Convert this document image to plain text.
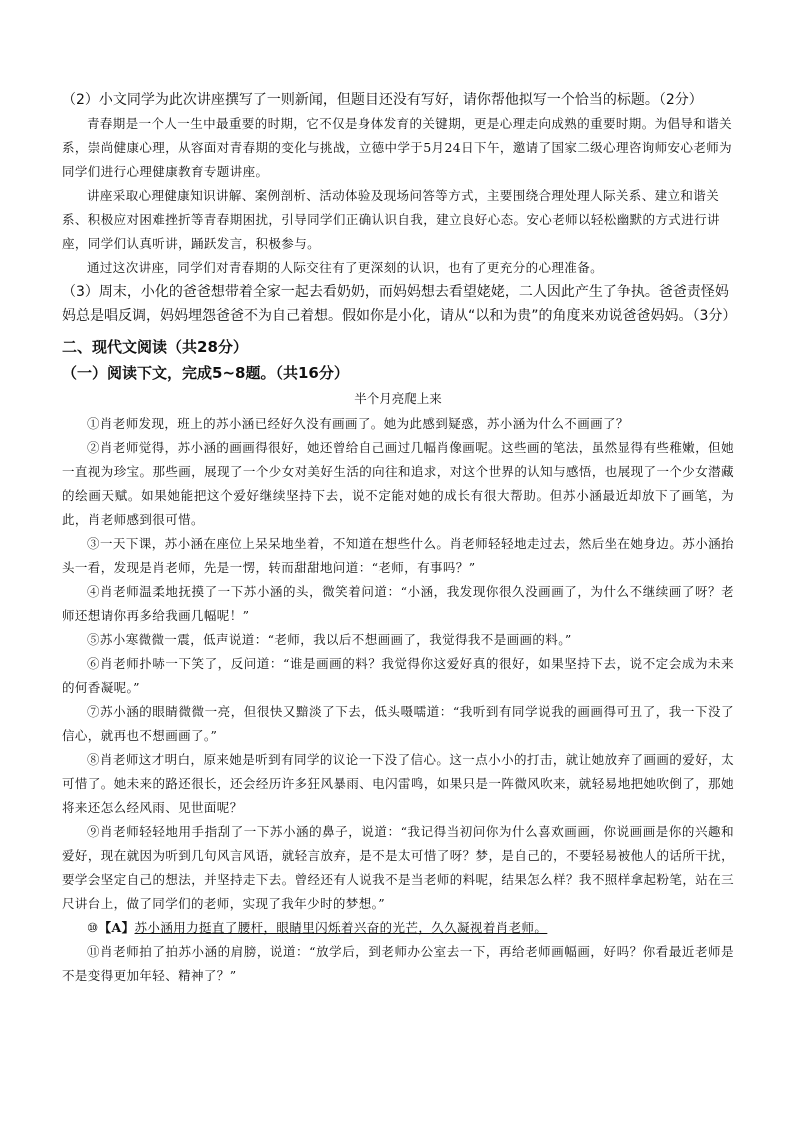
（2）小文同学为此次讲座撰写了一则新闻，但题目还没有写好，请你帮他拟写一个恰当的标题。（2分）

青春期是一个人一生中最重要的时期，它不仅是身体发育的关键期，更是心理走向成熟的重要时期。为倡导和谐关系，崇尚健康心理，从容面对青春期的变化与挑战，立德中学于5月24日下午，邀请了国家二级心理咨询师安心老师为同学们进行心理健康教育专题讲座。

讲座采取心理健康知识讲解、案例剖析、活动体验及现场问答等方式，主要围绕合理处理人际关系、建立和谐关系、积极应对困难挫折等青春期困扰，引导同学们正确认识自我，建立良好心态。安心老师以轻松幽默的方式进行讲座，同学们认真听讲，踊跃发言，积极参与。

通过这次讲座，同学们对青春期的人际交往有了更深刻的认识，也有了更充分的心理准备。

（3）周末，小化的爸爸想带着全家一起去看奶奶，而妈妈想去看望姥姥，二人因此产生了争执。爸爸责怪妈妈总是唱反调，妈妈埋怨爸爸不为自己着想。假如你是小化，请从“以和为贵”的角度来劝说爸爸妈妈。（3分）

二、现代文阅读（共28分）

（一）阅读下文，完成5~8题。（共16分）

半个月亮爬上来

①肖老师发现，班上的苏小涵已经好久没有画画了。她为此感到疑惑，苏小涵为什么不画画了？

②肖老师觉得，苏小涵的画画得很好，她还曾给自己画过几幅肖像画呢。这些画的笔法，虽然显得有些稚嫩，但她一直视为珍宝。那些画，展现了一个少女对美好生活的向往和追求，对这个世界的认知与感悟，也展现了一个少女潜藏的绘画天赋。如果她能把这个爱好继续坚持下去，说不定能对她的成长有很大帮助。但苏小涵最近却放下了画笔，为此，肖老师感到很可惜。

③一天下课，苏小涵在座位上呆呆地坐着，不知道在想些什么。肖老师轻轻地走过去，然后坐在她身边。苏小涵抬头一看，发现是肖老师，先是一愣，转而甜甜地问道：“老师，有事吗？”

④肖老师温柔地抚摸了一下苏小涵的头，微笑着问道：“小涵，我发现你很久没画画了，为什么不继续画了呀？老师还想请你再多给我画几幅呢！”

⑤苏小寒微微一震，低声说道：“老师，我以后不想画画了，我觉得我不是画画的料。”

⑥肖老师扑哧一下笑了，反问道：“谁是画画的料？我觉得你这爱好真的很好，如果坚持下去，说不定会成为未来的何香凝呢。”

⑦苏小涵的眼睛微微一亮，但很快又黯淡了下去，低头嗫嚅道：“我听到有同学说我的画画得可丑了，我一下没了信心，就再也不想画画了。”

⑧肖老师这才明白，原来她是听到有同学的议论一下没了信心。这一点小小的打击，就让她放弃了画画的爱好，太可惜了。她未来的路还很长，还会经历许多狂风暴雨、电闪雷鸣，如果只是一阵微风吹来，就轻易地把她吹倒了，那她将来还怎么经风雨、见世面呢？

⑨肖老师轻轻地用手指刮了一下苏小涵的鼻子，说道：“我记得当初问你为什么喜欢画画，你说画画是你的兴趣和爱好，现在就因为听到几句风言风语，就轻言放弃，是不是太可惜了呀？梦，是自己的，不要轻易被他人的话所干扰，要学会坚定自己的想法，并坚持走下去。曾经还有人说我不是当老师的料呢，结果怎么样？我不照样拿起粉笔，站在三尺讲台上，做了同学们的老师，实现了我年少时的梦想。”

⑩【A】苏小涵用力挺直了腰杆，眼睛里闪烁着兴奋的光芒，久久凝视着肖老师。

⑪肖老师拍了拍苏小涵的肩膀，说道：“放学后，到老师办公室去一下，再给老师画幅画，好吗？你看最近老师是不是变得更加年轻、精神了？”
